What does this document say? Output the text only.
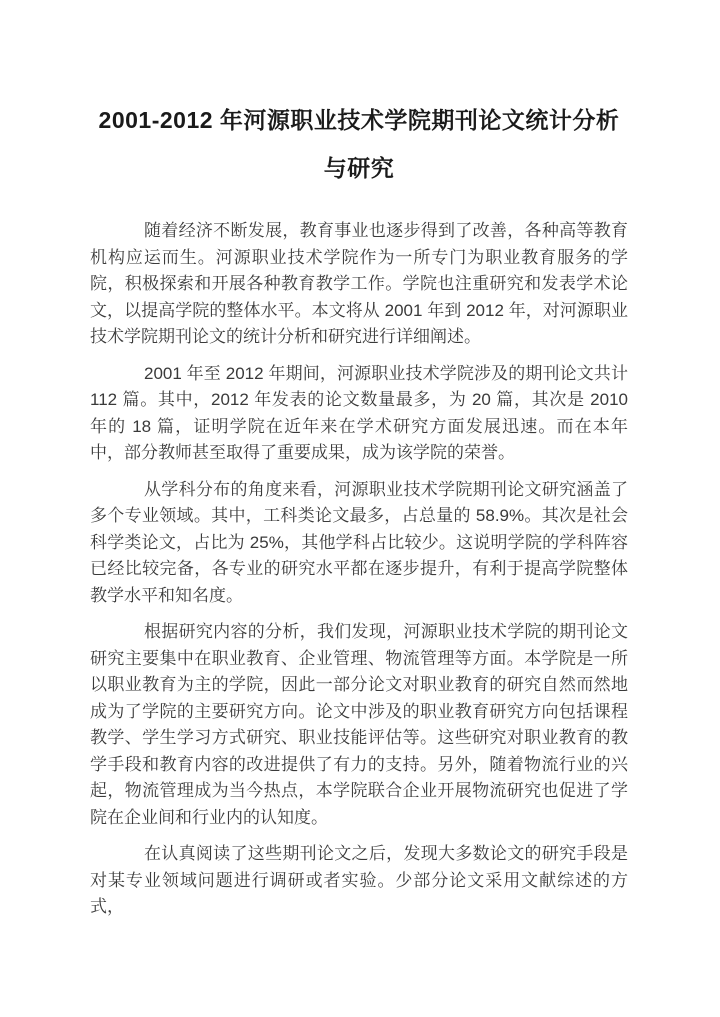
2001-2012 年河源职业技术学院期刊论文统计分析
与研究

随着经济不断发展，教育事业也逐步得到了改善，各种高等教育机构应运而生。河源职业技术学院作为一所专门为职业教育服务的学院，积极探索和开展各种教育教学工作。学院也注重研究和发表学术论文，以提高学院的整体水平。本文将从 2001 年到 2012 年，对河源职业技术学院期刊论文的统计分析和研究进行详细阐述。

2001 年至 2012 年期间，河源职业技术学院涉及的期刊论文共计 112 篇。其中，2012 年发表的论文数量最多，为 20 篇，其次是 2010 年的 18 篇，证明学院在近年来在学术研究方面发展迅速。而在本年中，部分教师甚至取得了重要成果，成为该学院的荣誉。

从学科分布的角度来看，河源职业技术学院期刊论文研究涵盖了多个专业领域。其中，工科类论文最多，占总量的 58.9%。其次是社会科学类论文，占比为 25%，其他学科占比较少。这说明学院的学科阵容已经比较完备，各专业的研究水平都在逐步提升，有利于提高学院整体教学水平和知名度。

根据研究内容的分析，我们发现，河源职业技术学院的期刊论文研究主要集中在职业教育、企业管理、物流管理等方面。本学院是一所以职业教育为主的学院，因此一部分论文对职业教育的研究自然而然地成为了学院的主要研究方向。论文中涉及的职业教育研究方向包括课程教学、学生学习方式研究、职业技能评估等。这些研究对职业教育的教学手段和教育内容的改进提供了有力的支持。另外，随着物流行业的兴起，物流管理成为当今热点，本学院联合企业开展物流研究也促进了学院在企业间和行业内的认知度。

在认真阅读了这些期刊论文之后，发现大多数论文的研究手段是对某专业领域问题进行调研或者实验。少部分论文采用文献综述的方式，
